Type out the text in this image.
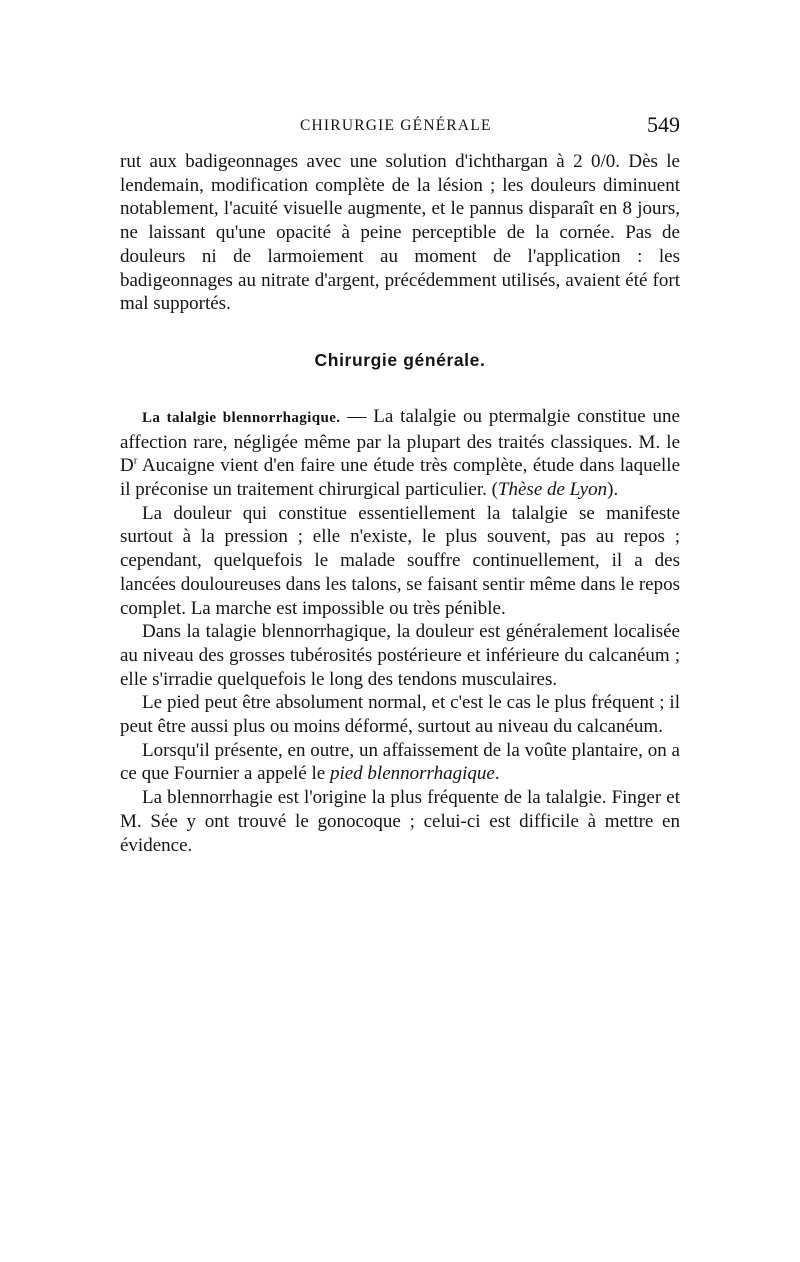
CHIRURGIE GÉNÉRALE	549

rut aux badigeonnages avec une solution d'ichthargan à 2 0/0. Dès le lendemain, modification complète de la lésion ; les douleurs diminuent notablement, l'acuité visuelle augmente, et le pannus disparaît en 8 jours, ne laissant qu'une opacité à peine perceptible de la cornée. Pas de douleurs ni de larmoiement au moment de l'application : les badigeonnages au nitrate d'argent, précédemment utilisés, avaient été fort mal supportés.

Chirurgie générale.

La talalgie blennorrhagique. — La talalgie ou ptermalgie constitue une affection rare, négligée même par la plupart des traités classiques. M. le $D^r$ Aucaigne vient d'en faire une étude très complète, étude dans laquelle il préconise un traitement chirurgical particulier. (Thèse de Lyon).

La douleur qui constitue essentiellement la talalgie se manifeste surtout à la pression ; elle n'existe, le plus souvent, pas au repos ; cependant, quelquefois le malade souffre continuellement, il a des lancées douloureuses dans les talons, se faisant sentir même dans le repos complet. La marche est impossible ou très pénible.

Dans la talagie blennorrhagique, la douleur est généralement localisée au niveau des grosses tubérosités postérieure et inférieure du calcanéum ; elle s'irradie quelquefois le long des tendons musculaires.

Le pied peut être absolument normal, et c'est le cas le plus fréquent ; il peut être aussi plus ou moins déformé, surtout au niveau du calcanéum.

Lorsqu'il présente, en outre, un affaissement de la voûte plantaire, on a ce que Fournier a appelé le pied blennorrhagique.

La blennorrhagie est l'origine la plus fréquente de la talalgie. Finger et M. Sée y ont trouvé le gonocoque ; celui-ci est difficile à mettre en évidence.
